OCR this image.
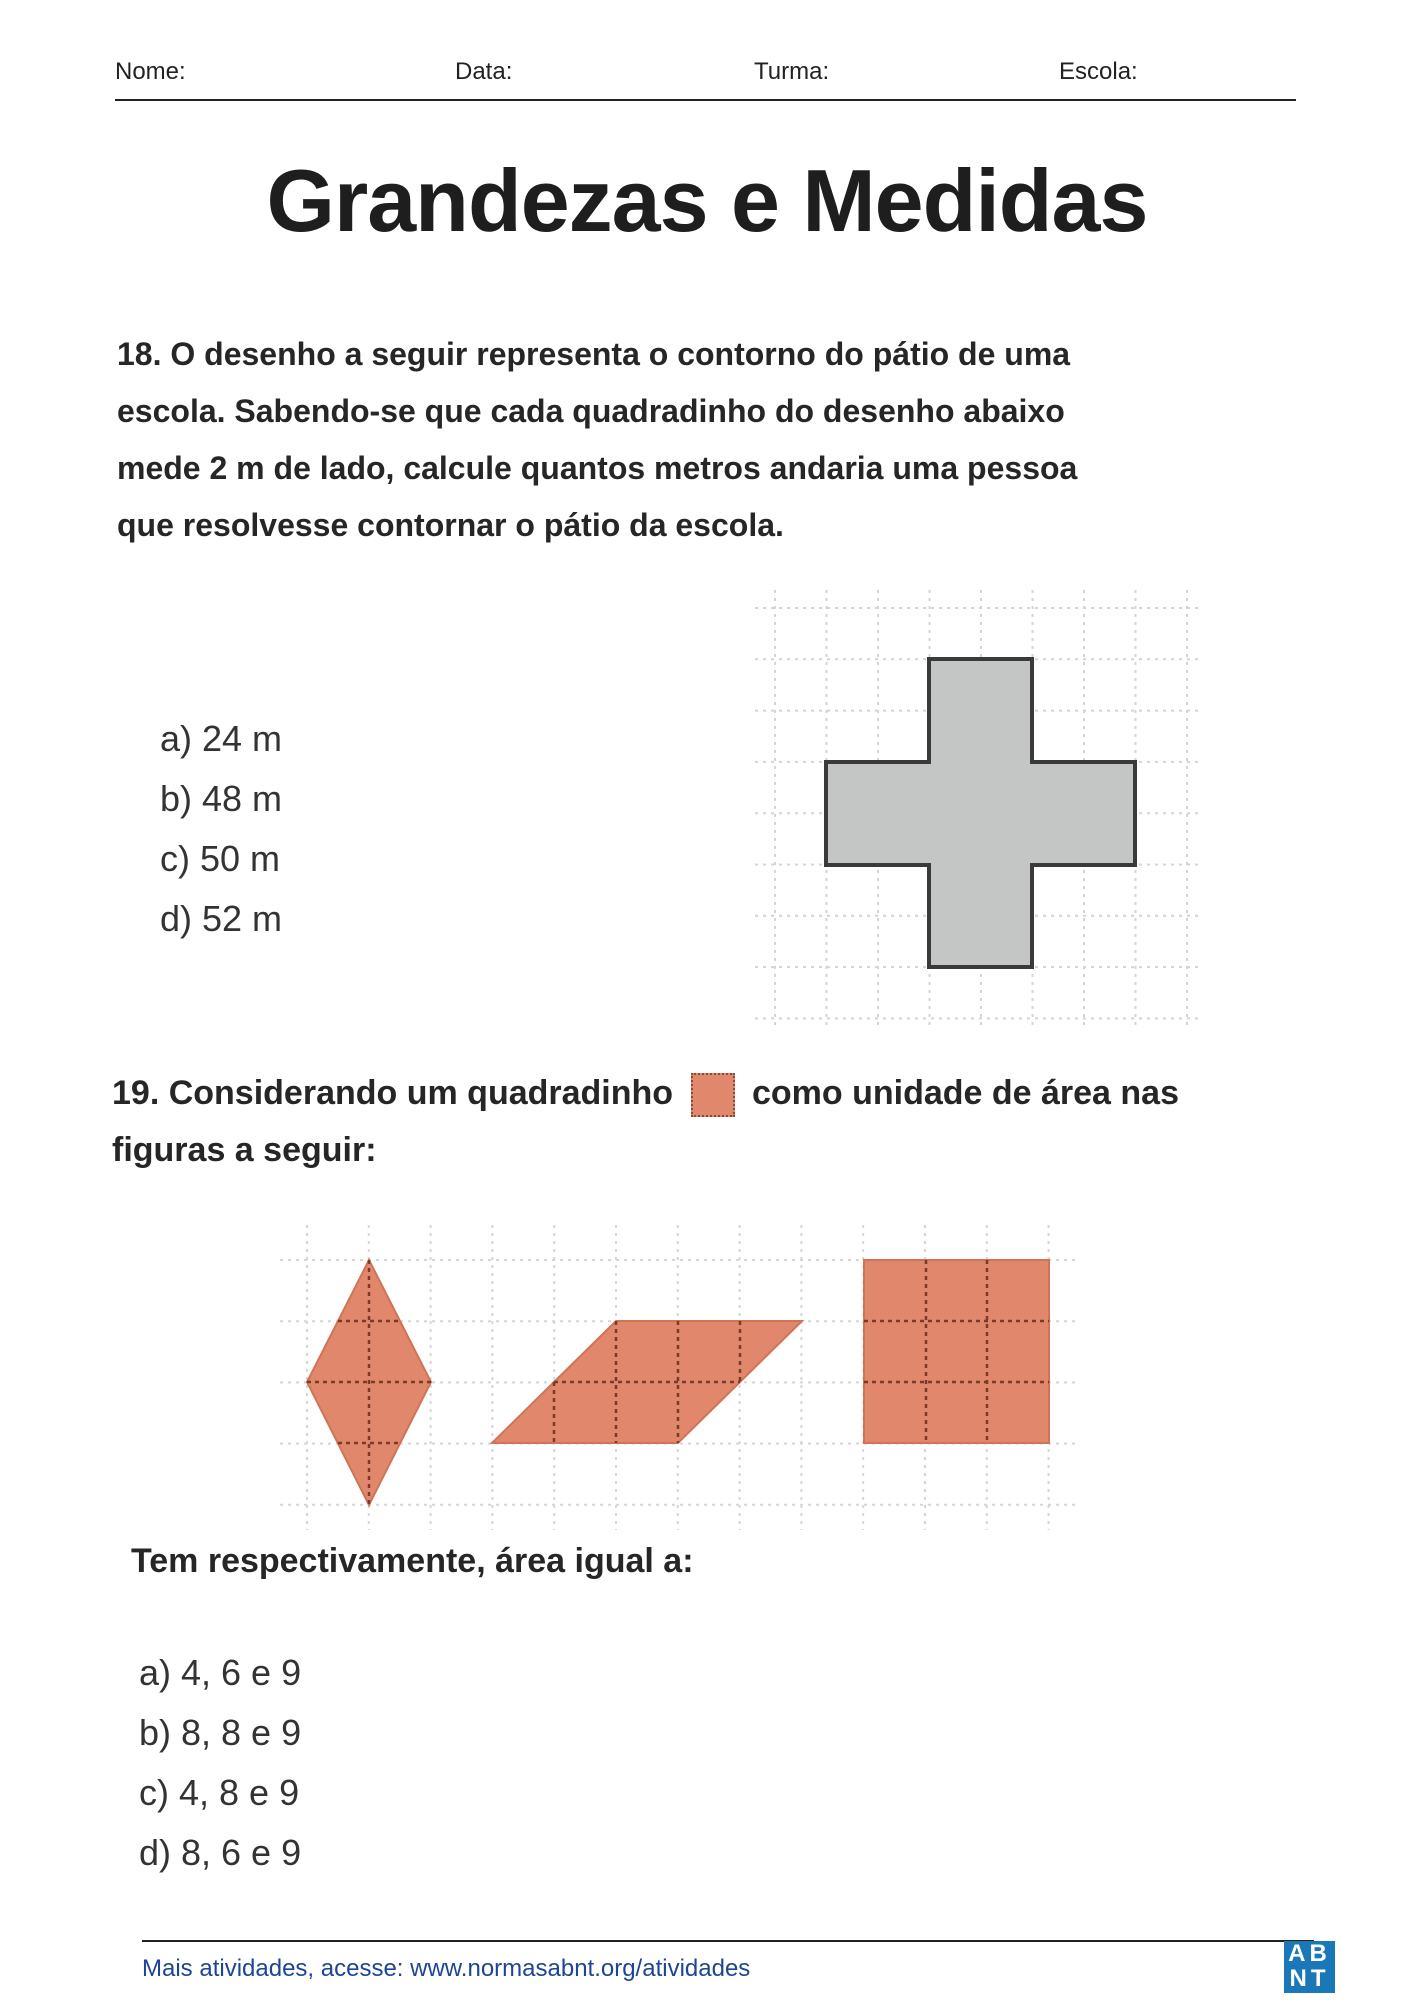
Nome:	Data:	Turma:	Escola:
Grandezas e Medidas
18. O desenho a seguir representa o contorno do pátio de uma
escola. Sabendo-se que cada quadradinho do desenho abaixo
mede 2 m de lado, calcule quantos metros andaria uma pessoa
que resolvesse contornar o pátio da escola.
a) 24 m
b) 48 m
c) 50 m
d) 52 m
19. Considerando um quadradinho como unidade de área nas
figuras a seguir:
Tem respectivamente, área igual a:
a) 4, 6 e 9
b) 8, 8 e 9
c) 4, 8 e 9
d) 8, 6 e 9
Mais atividades, acesse: www.normasabnt.org/atividades
AB
NT
